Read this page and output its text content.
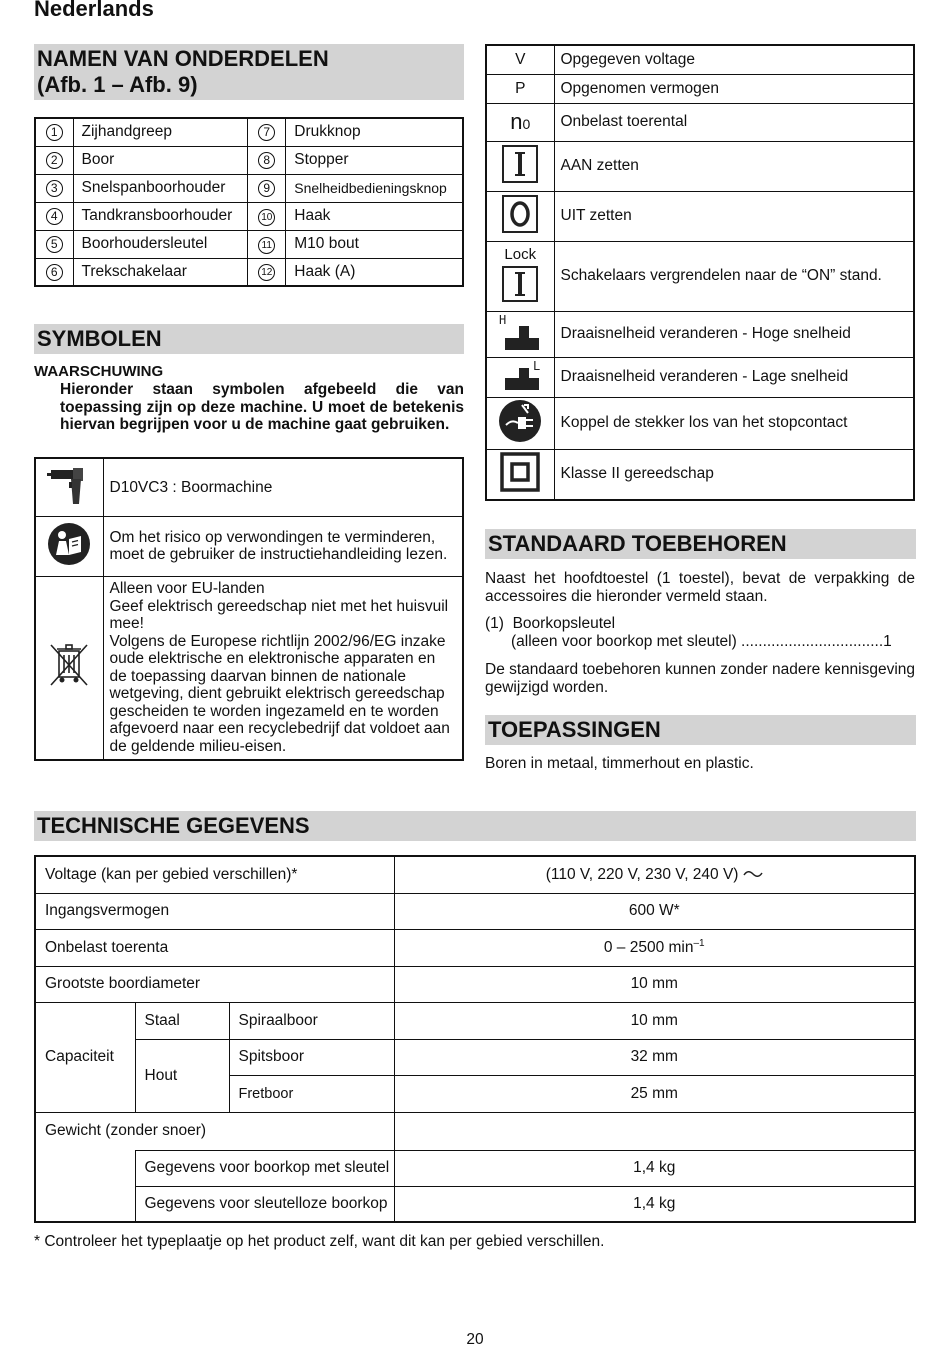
Nederlands
NAMEN VAN ONDERDELEN
(Afb. 1 – Afb. 9)
1	Zijhandgreep	7	Drukknop
2	Boor	8	Stopper
3	Snelspanboorhouder	9	Snelheidbedieningsknop
4	Tandkransboorhouder	10	Haak
5	Boorhoudersleutel	11	M10 bout
6	Trekschakelaar	12	Haak (A)
SYMBOLEN
WAARSCHUWING
Hieronder staan symbolen afgebeeld die van toepassing zijn op deze machine. U moet de betekenis hiervan begrijpen voor u de machine gaat gebruiken.
	D10VC3 : Boormachine
	Om het risico op verwondingen te verminderen, moet de gebruiker de instructiehandleiding lezen.

Alleen voor EU-landen
Geef elektrisch gereedschap niet met het huisvuil mee!
Volgens de Europese richtlijn 2002/96/EG inzake oude elektrische en elektronische apparaten en de toepassing daarvan binnen de nationale wetgeving, dient gebruikt elektrisch gereedschap gescheiden te worden ingezameld en te worden afgevoerd naar een recyclebedrijf dat voldoet aan de geldende milieu-eisen.
V	Opgegeven voltage
P	Opgenomen vermogen
n0	Onbelast toerental
	AAN zetten
	UIT zetten

Lock	Schakelaars vergrendelen naar de “ON” stand.

H	Draaisnelheid veranderen - Hoge snelheid

L	Draaisnelheid veranderen - Lage snelheid
	Koppel de stekker los van het stopcontact
	Klasse II gereedschap
STANDAARD TOEBEHOREN
Naast het hoofdtoestel (1 toestel), bevat de verpakking de accessoires die hieronder vermeld staan.
(1) Boorkopsleutel
(alleen voor boorkop met sleutel) .................................1
De standaard toebehoren kunnen zonder nadere kennisgeving gewijzigd worden.
TOEPASSINGEN
Boren in metaal, timmerhout en plastic.
TECHNISCHE GEGEVENS
Voltage (kan per gebied verschillen)*			(110 V, 220 V, 230 V, 240 V)
Ingangsvermogen			600 W*
Onbelast toerenta			0 – 2500 $\min^{-1}$
Grootste boordiameter			10 mm
Capaciteit	Staal	Spiraalboor	10 mm
	Hout	Spitsboor	32 mm
		Fretboor	25 mm
Gewicht (zonder snoer)			
	Gegevens voor boorkop met sleutel		1,4 kg
	Gegevens voor sleutelloze boorkop		1,4 kg
* Controleer het typeplaatje op het product zelf, want dit kan per gebied verschillen.
20
